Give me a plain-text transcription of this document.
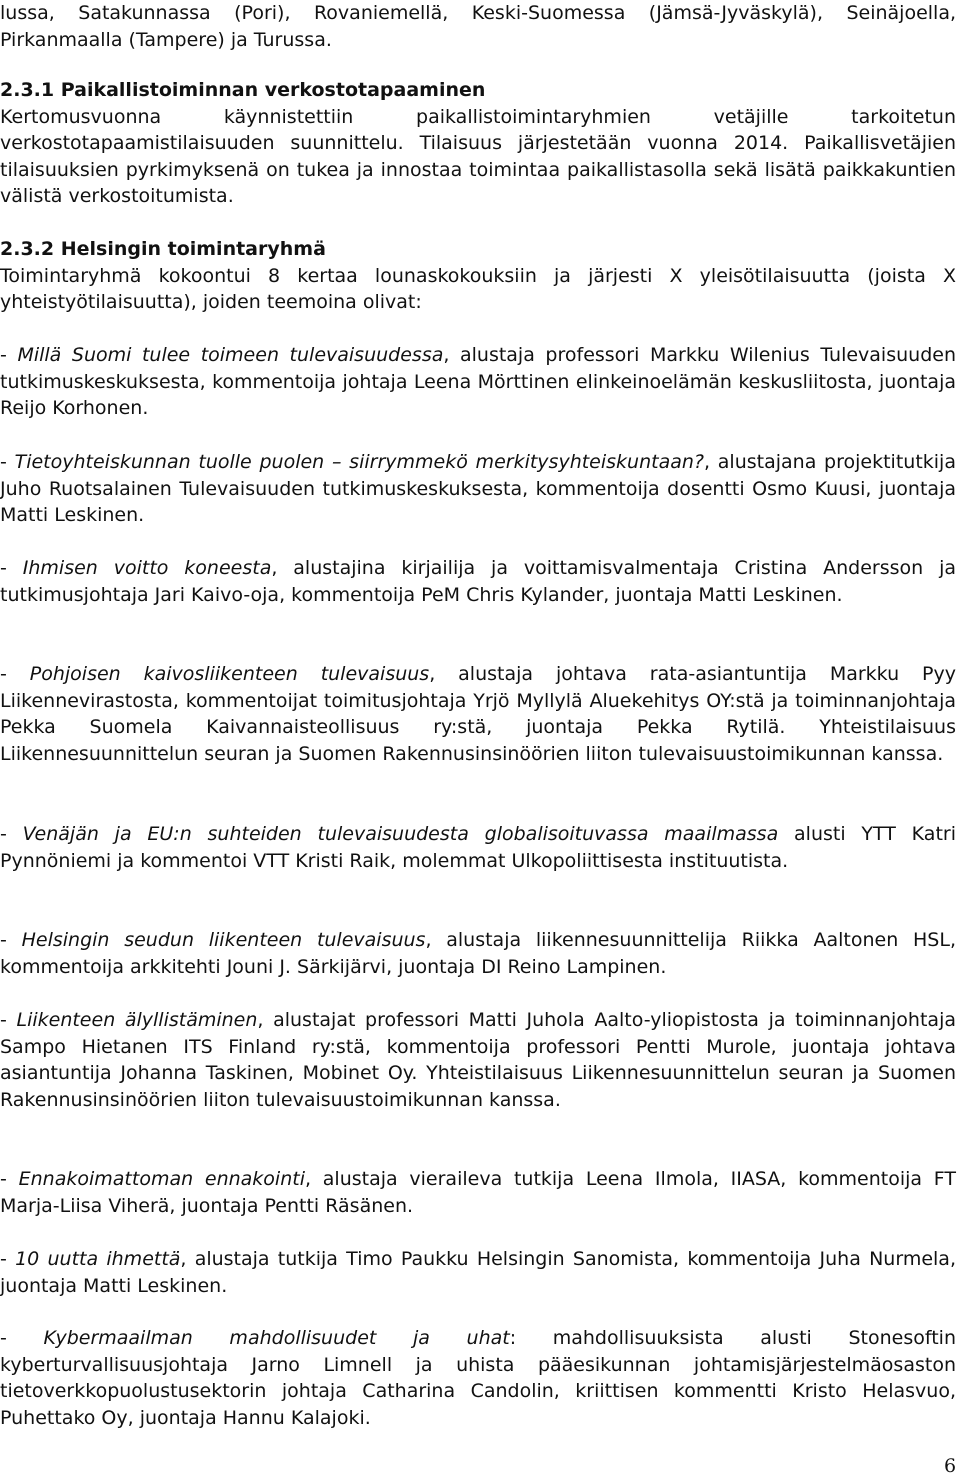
lussa, Satakunnassa (Pori), Rovaniemellä, Keski-Suomessa (Jämsä-Jyväskylä), Seinäjoella, Pirkanmaalla (Tampere) ja Turussa.

2.3.1 Paikallistoiminnan verkostotapaaminen

Kertomusvuonna käynnistettiin paikallistoimintaryhmien vetäjille tarkoitetun verkostotapaamistilaisuuden suunnittelu. Tilaisuus järjestetään vuonna 2014. Paikallisvetäjien tilaisuuksien pyrkimyksenä on tukea ja innostaa toimintaa paikallistasolla sekä lisätä paikkakuntien välistä verkostoitumista.

2.3.2 Helsingin toimintaryhmä

Toimintaryhmä kokoontui 8 kertaa lounaskokouksiin ja järjesti X yleisötilaisuutta (joista X yhteistyötilaisuutta), joiden teemoina olivat:

- Millä Suomi tulee toimeen tulevaisuudessa, alustaja professori Markku Wilenius Tulevaisuuden tutkimuskeskuksesta, kommentoija johtaja Leena Mörttinen elinkeinoelämän keskusliitosta, juontaja Reijo Korhonen.

- Tietoyhteiskunnan tuolle puolen – siirrymmekö merkitysyhteiskuntaan?, alustajana projektitutkija Juho Ruotsalainen Tulevaisuuden tutkimuskeskuksesta, kommentoija dosentti Osmo Kuusi, juontaja Matti Leskinen.

- Ihmisen voitto koneesta, alustajina kirjailija ja voittamisvalmentaja Cristina Andersson ja tutkimusjohtaja Jari Kaivo-oja, kommentoija PeM Chris Kylander, juontaja Matti Leskinen.

- Pohjoisen kaivosliikenteen tulevaisuus, alustaja johtava rata-asiantuntija Markku Pyy Liikennevirastosta, kommentoijat toimitusjohtaja Yrjö Myllylä Aluekehitys OY:stä ja toiminnanjohtaja Pekka Suomela Kaivannaisteollisuus ry:stä, juontaja Pekka Rytilä. Yhteistilaisuus Liikennesuunnittelun seuran ja Suomen Rakennusinsinöörien liiton tulevaisuustoimikunnan kanssa.

- Venäjän ja EU:n suhteiden tulevaisuudesta globalisoituvassa maailmassa alusti YTT Katri Pynnöniemi ja kommentoi VTT Kristi Raik, molemmat Ulkopoliittisesta instituutista.

- Helsingin seudun liikenteen tulevaisuus, alustaja liikennesuunnittelija Riikka Aaltonen HSL, kommentoija arkkitehti Jouni J. Särkijärvi, juontaja DI Reino Lampinen.

- Liikenteen älyllistäminen, alustajat professori Matti Juhola Aalto-yliopistosta ja toiminnanjohtaja Sampo Hietanen ITS Finland ry:stä, kommentoija professori Pentti Murole, juontaja johtava asiantuntija Johanna Taskinen, Mobinet Oy. Yhteistilaisuus Liikennesuunnittelun seuran ja Suomen Rakennusinsinöörien liiton tulevaisuustoimikunnan kanssa.

- Ennakoimattoman ennakointi, alustaja vieraileva tutkija Leena Ilmola, IIASA, kommentoija FT Marja-Liisa Viherä, juontaja Pentti Räsänen.

- 10 uutta ihmettä, alustaja tutkija Timo Paukku Helsingin Sanomista, kommentoija Juha Nurmela, juontaja Matti Leskinen.

- Kybermaailman mahdollisuudet ja uhat: mahdollisuuksista alusti Stonesoftin kyberturvallisuusjohtaja Jarno Limnell ja uhista pääesikunnan johtamisjärjestelmäosaston tietoverkkopuolustusektorin johtaja Catharina Candolin, kriittisen kommentti Kristo Helasvuo, Puhettako Oy, juontaja Hannu Kalajoki.

6
